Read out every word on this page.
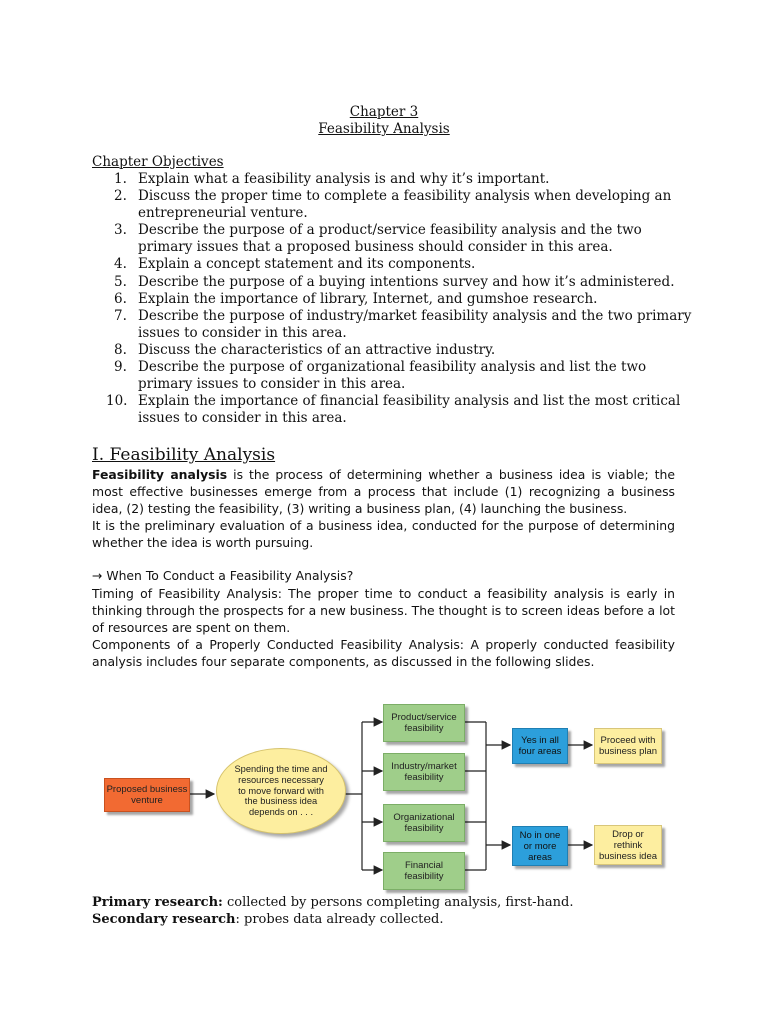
Chapter 3
Feasibility Analysis
Chapter Objectives
1. Explain what a feasibility analysis is and why it’s important.
2. Discuss the proper time to complete a feasibility analysis when developing an
entrepreneurial venture.
3. Describe the purpose of a product/service feasibility analysis and the two
primary issues that a proposed business should consider in this area.
4. Explain a concept statement and its components.
5. Describe the purpose of a buying intentions survey and how it’s administered.
6. Explain the importance of library, Internet, and gumshoe research.
7. Describe the purpose of industry/market feasibility analysis and the two primary
issues to consider in this area.
8. Discuss the characteristics of an attractive industry.
9. Describe the purpose of organizational feasibility analysis and list the two
primary issues to consider in this area.
10. Explain the importance of financial feasibility analysis and list the most critical
issues to consider in this area.
I. Feasibility Analysis
Feasibility analysis is the process of determining whether a business idea is viable; the most effective businesses emerge from a process that include (1) recognizing a business idea, (2) testing the feasibility, (3) writing a business plan, (4) launching the business.
It is the preliminary evaluation of a business idea, conducted for the purpose of determining whether the idea is worth pursuing.
→ When To Conduct a Feasibility Analysis?
Timing of Feasibility Analysis: The proper time to conduct a feasibility analysis is early in thinking through the prospects for a new business. The thought is to screen ideas before a lot of resources are spent on them.
Components of a Properly Conducted Feasibility Analysis: A properly conducted feasibility analysis includes four separate components, as discussed in the following slides.
Proposed business
venture
Spending the time and
resources necessary
to move forward with
the business idea
depends on . . .
Product/service
feasibility
Industry/market
feasibility
Organizational
feasibility
Financial
feasibility
Yes in all
four areas
No in one
or more
areas
Proceed with
business plan
Drop or
rethink
business idea
Primary research: collected by persons completing analysis, first-hand.
Secondary research: probes data already collected.
